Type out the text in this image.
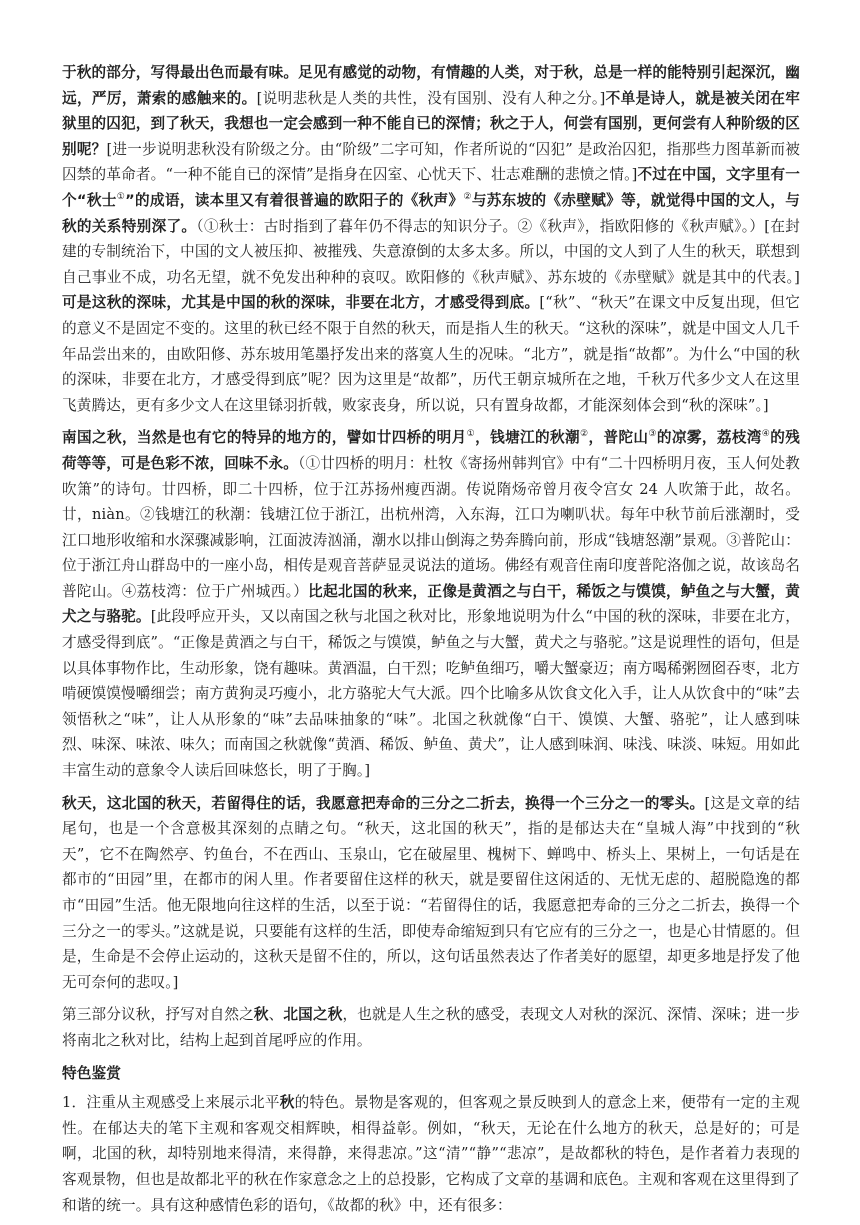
于秋的部分，写得最出色而最有味。足见有感觉的动物，有情趣的人类，对于秋，总是一样的能特别引起深沉，幽远，严厉，萧索的感触来的。[说明悲秋是人类的共性，没有国别、没有人种之分。]不单是诗人，就是被关闭在牢狱里的囚犯，到了秋天，我想也一定会感到一种不能自已的深情；秋之于人，何尝有国别，更何尝有人种阶级的区别呢？[进一步说明悲秋没有阶级之分。由“阶级”二字可知，作者所说的“囚犯” 是政治囚犯，指那些力图革新而被囚禁的革命者。“一种不能自已的深情”是指身在囚室、心忧天下、壮志难酬的悲愤之情。]不过在中国，文字里有一个“秋士①”的成语，读本里又有着很普遍的欧阳子的《秋声》②与苏东坡的《赤壁赋》等，就觉得中国的文人，与秋的关系特别深了。（①秋士：古时指到了暮年仍不得志的知识分子。②《秋声》，指欧阳修的《秋声赋》。）[在封建的专制统治下，中国的文人被压抑、被摧残、失意潦倒的太多太多。所以，中国的文人到了人生的秋天，联想到自己事业不成，功名无望，就不免发出种种的哀叹。欧阳修的《秋声赋》、苏东坡的《赤壁赋》就是其中的代表。]可是这秋的深味，尤其是中国的秋的深味，非要在北方，才感受得到底。[“秋”、“秋天”在课文中反复出现，但它的意义不是固定不变的。这里的秋已经不限于自然的秋天，而是指人生的秋天。“这秋的深味”，就是中国文人几千年品尝出来的，由欧阳修、苏东坡用笔墨抒发出来的落寞人生的况味。“北方”，就是指“故都”。为什么“中国的秋的深味，非要在北方，才感受得到底”呢？因为这里是“故都”，历代王朝京城所在之地，千秋万代多少文人在这里飞黄腾达，更有多少文人在这里铩羽折戟，败家丧身，所以说，只有置身故都，才能深刻体会到“秋的深味”。]

南国之秋，当然是也有它的特异的地方的，譬如廿四桥的明月①，钱塘江的秋潮②，普陀山③的凉雾，荔枝湾④的残荷等等，可是色彩不浓，回味不永。（①廿四桥的明月：杜牧《寄扬州韩判官》中有“二十四桥明月夜，玉人何处教吹箫”的诗句。廿四桥，即二十四桥，位于江苏扬州瘦西湖。传说隋炀帝曾月夜令宫女 24 人吹箫于此，故名。廿，niàn。②钱塘江的秋潮：钱塘江位于浙江，出杭州湾，入东海，江口为喇叭状。每年中秋节前后涨潮时，受江口地形收缩和水深骤减影响，江面波涛汹涌，潮水以排山倒海之势奔腾向前，形成“钱塘怒潮”景观。③普陀山：位于浙江舟山群岛中的一座小岛，相传是观音菩萨显灵说法的道场。佛经有观音住南印度普陀洛伽之说，故该岛名普陀山。④荔枝湾：位于广州城西。）比起北国的秋来，正像是黄酒之与白干，稀饭之与馍馍，鲈鱼之与大蟹，黄犬之与骆驼。[此段呼应开头，又以南国之秋与北国之秋对比，形象地说明为什么“中国的秋的深味，非要在北方，才感受得到底”。“正像是黄酒之与白干，稀饭之与馍馍，鲈鱼之与大蟹，黄犬之与骆驼。”这是说理性的语句，但是以具体事物作比，生动形象，饶有趣味。黄酒温，白干烈；吃鲈鱼细巧，嚼大蟹豪迈；南方喝稀粥囫囵吞枣，北方啃硬馍馍慢嚼细尝；南方黄狗灵巧瘦小，北方骆驼大气大派。四个比喻多从饮食文化入手，让人从饮食中的“味”去领悟秋之“味”，让人从形象的“味”去品味抽象的“味”。北国之秋就像“白干、馍馍、大蟹、骆驼”，让人感到味烈、味深、味浓、味久；而南国之秋就像“黄酒、稀饭、鲈鱼、黄犬”，让人感到味润、味浅、味淡、味短。用如此丰富生动的意象令人读后回味悠长，明了于胸。]

秋天，这北国的秋天，若留得住的话，我愿意把寿命的三分之二折去，换得一个三分之一的零头。[这是文章的结尾句，也是一个含意极其深刻的点睛之句。“秋天，这北国的秋天”，指的是郁达夫在“皇城人海”中找到的“秋天”，它不在陶然亭、钓鱼台，不在西山、玉泉山，它在破屋里、槐树下、蝉鸣中、桥头上、果树上，一句话是在都市的“田园”里，在都市的闲人里。作者要留住这样的秋天，就是要留住这闲适的、无忧无虑的、超脱隐逸的都市“田园”生活。他无限地向往这样的生活，以至于说：“若留得住的话，我愿意把寿命的三分之二折去，换得一个三分之一的零头。”这就是说，只要能有这样的生活，即使寿命缩短到只有它应有的三分之一，也是心甘情愿的。但是，生命是不会停止运动的，这秋天是留不住的，所以，这句话虽然表达了作者美好的愿望，却更多地是抒发了他无可奈何的悲叹。]

第三部分议秋，抒写对自然之秋、北国之秋，也就是人生之秋的感受，表现文人对秋的深沉、深情、深味；进一步将南北之秋对比，结构上起到首尾呼应的作用。

特色鉴赏

1．注重从主观感受上来展示北平秋的特色。景物是客观的，但客观之景反映到人的意念上来，便带有一定的主观性。在郁达夫的笔下主观和客观交相辉映，相得益彰。例如，“秋天，无论在什么地方的秋天，总是好的；可是啊，北国的秋，却特别地来得清，来得静，来得悲凉。”这“清”“静”“悲凉”，是故都秋的特色，是作者着力表现的客观景物，但也是故都北平的秋在作家意念之上的总投影，它构成了文章的基调和底色。主观和客观在这里得到了和谐的统一。具有这种感情色彩的语句，《故都的秋》中，还有很多：
